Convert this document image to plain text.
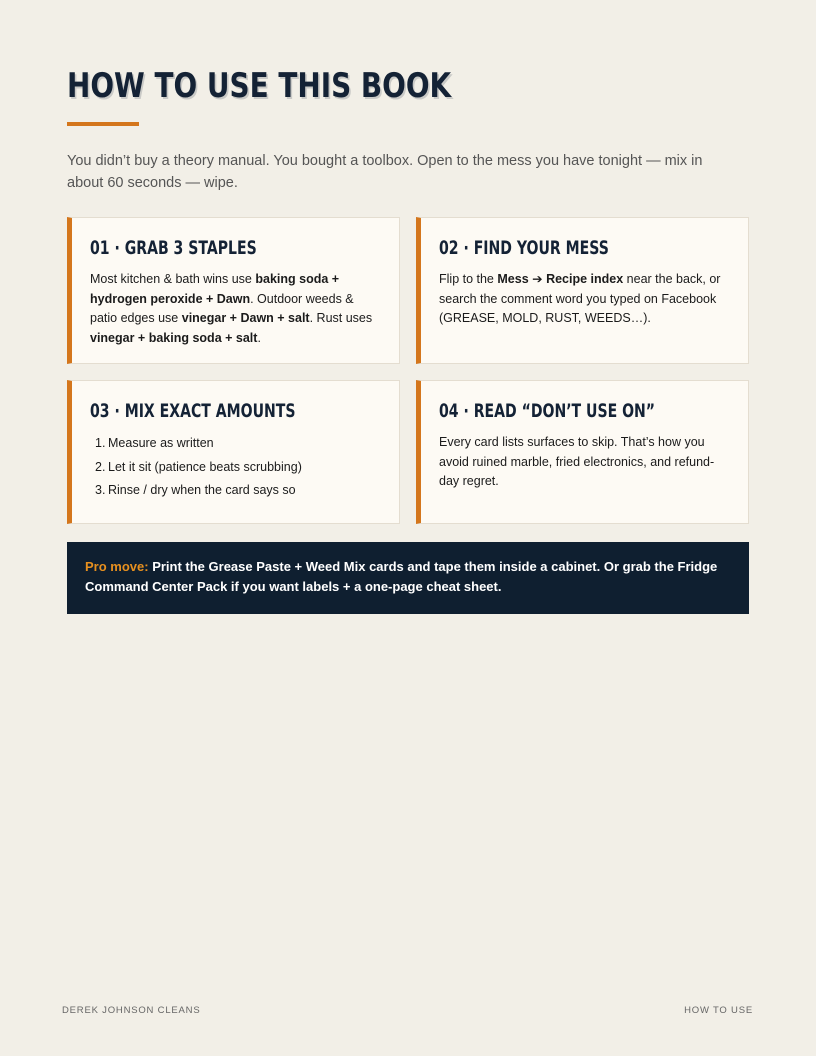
HOW TO USE THIS BOOK

You didn’t buy a theory manual. You bought a toolbox. Open to the mess you have tonight — mix in about 60 seconds — wipe.

01 · GRAB 3 STAPLES

Most kitchen & bath wins use baking soda + hydrogen peroxide + Dawn. Outdoor weeds & patio edges use vinegar + Dawn + salt. Rust uses vinegar + baking soda + salt.

02 · FIND YOUR MESS

Flip to the Mess ➔ Recipe index near the back, or search the comment word you typed on Facebook (GREASE, MOLD, RUST, WEEDS…).

03 · MIX EXACT AMOUNTS
1. Measure as written
2. Let it sit (patience beats scrubbing)
3. Rinse / dry when the card says so
04 · READ “DON’T USE ON”

Every card lists surfaces to skip. That’s how you avoid ruined marble, fried electronics, and refund-day regret.

Pro move: Print the Grease Paste + Weed Mix cards and tape them inside a cabinet. Or grab the Fridge Command Center Pack if you want labels + a one-page cheat sheet.
DEREK JOHNSON CLEANS	HOW TO USE
